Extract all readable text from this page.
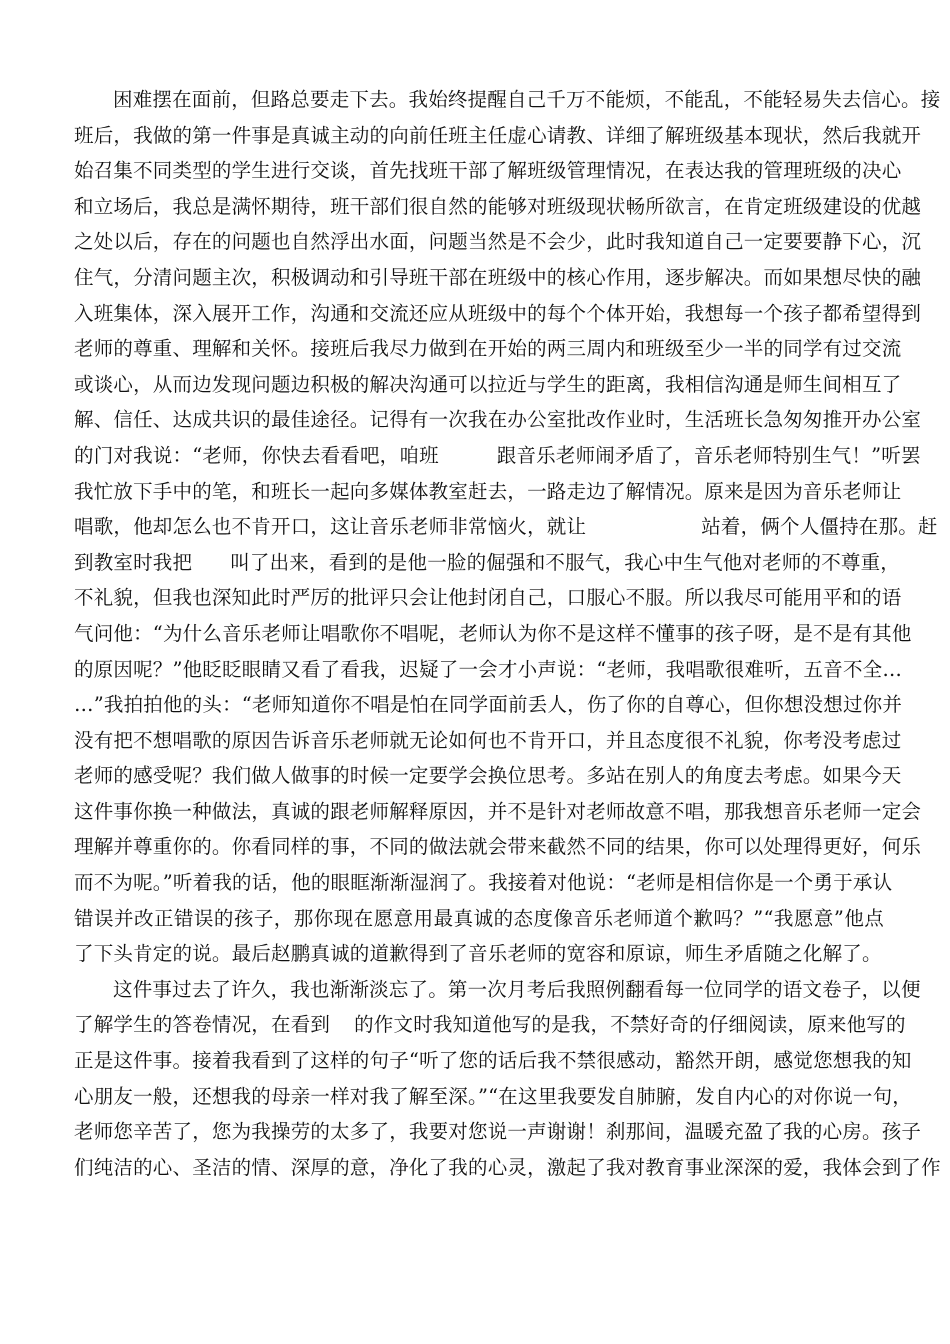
困难摆在面前，但路总要走下去。我始终提醒自己千万不能烦，不能乱，不能轻易失去信心。接
班后，我做的第一件事是真诚主动的向前任班主任虚心请教、详细了解班级基本现状，然后我就开
始召集不同类型的学生进行交谈，首先找班干部了解班级管理情况，在表达我的管理班级的决心
和立场后，我总是满怀期待，班干部们很自然的能够对班级现状畅所欲言，在肯定班级建设的优越
之处以后，存在的问题也自然浮出水面，问题当然是不会少，此时我知道自己一定要要静下心，沉
住气，分清问题主次，积极调动和引导班干部在班级中的核心作用，逐步解决。而如果想尽快的融
入班集体，深入展开工作，沟通和交流还应从班级中的每个个体开始，我想每一个孩子都希望得到
老师的尊重、理解和关怀。接班后我尽力做到在开始的两三周内和班级至少一半的同学有过交流
或谈心，从而边发现问题边积极的解决沟通可以拉近与学生的距离，我相信沟通是师生间相互了
解、信任、达成共识的最佳途径。记得有一次我在办公室批改作业时，生活班长急匆匆推开办公室
的门对我说：“老师，你快去看看吧，咱班	跟音乐老师闹矛盾了，音乐老师特别生气！”听罢
我忙放下手中的笔，和班长一起向多媒体教室赶去，一路走边了解情况。原来是因为音乐老师让
唱歌，他却怎么也不肯开口，这让音乐老师非常恼火，就让	站着，俩个人僵持在那。赶
到教室时我把 叫了出来，看到的是他一脸的倔强和不服气，我心中生气他对老师的不尊重，
不礼貌，但我也深知此时严厉的批评只会让他封闭自己，口服心不服。所以我尽可能用平和的语
气问他：“为什么音乐老师让唱歌你不唱呢，老师认为你不是这样不懂事的孩子呀，是不是有其他
的原因呢？”他眨眨眼睛又看了看我，迟疑了一会才小声说：“老师，我唱歌很难听，五音不全…
…”我拍拍他的头：“老师知道你不唱是怕在同学面前丢人，伤了你的自尊心，但你想没想过你并
没有把不想唱歌的原因告诉音乐老师就无论如何也不肯开口，并且态度很不礼貌，你考没考虑过
老师的感受呢？我们做人做事的时候一定要学会换位思考。多站在别人的角度去考虑。如果今天
这件事你换一种做法，真诚的跟老师解释原因，并不是针对老师故意不唱，那我想音乐老师一定会
理解并尊重你的。你看同样的事，不同的做法就会带来截然不同的结果，你可以处理得更好，何乐
而不为呢。”听着我的话，他的眼眶渐渐湿润了。我接着对他说：“老师是相信你是一个勇于承认
错误并改正错误的孩子，那你现在愿意用最真诚的态度像音乐老师道个歉吗？”“我愿意”他点
了下头肯定的说。最后赵鹏真诚的道歉得到了音乐老师的宽容和原谅，师生矛盾随之化解了。
这件事过去了许久，我也渐渐淡忘了。第一次月考后我照例翻看每一位同学的语文卷子，以便
了解学生的答卷情况，在看到 的作文时我知道他写的是我，不禁好奇的仔细阅读，原来他写的
正是这件事。接着我看到了这样的句子“听了您的话后我不禁很感动，豁然开朗，感觉您想我的知
心朋友一般，还想我的母亲一样对我了解至深。”“在这里我要发自肺腑，发自内心的对你说一句，
老师您辛苦了，您为我操劳的太多了，我要对您说一声谢谢！刹那间，温暖充盈了我的心房。孩子
们纯洁的心、圣洁的情、深厚的意，净化了我的心灵，激起了我对教育事业深深的爱，我体会到了作
